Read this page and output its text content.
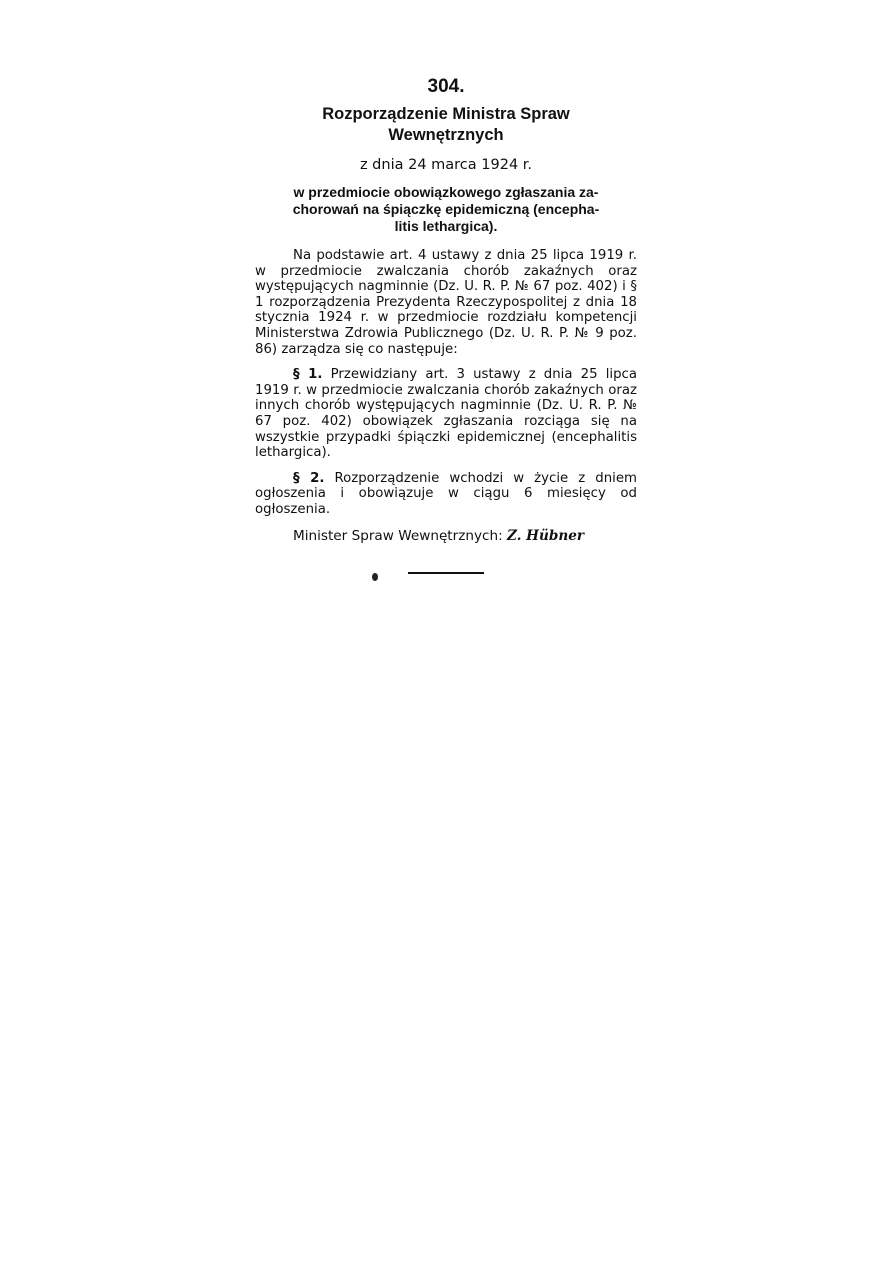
304.
Rozporządzenie Ministra Spraw
Wewnętrznych
z dnia 24 marca 1924 r.
w przedmiocie obowiązkowego zgłaszania za-
chorowań na śpiączkę epidemiczną (encepha-
litis lethargica).

Na podstawie art. 4 ustawy z dnia 25 lipca 1919 r. w przedmiocie zwalczania chorób zakaźnych oraz występujących nagminnie (Dz. U. R. P. № 67 poz. 402) i § 1 rozporządzenia Prezydenta Rzeczypospolitej z dnia 18 stycznia 1924 r. w przedmiocie rozdziału kompetencji Ministerstwa Zdrowia Publicznego (Dz. U. R. P. № 9 poz. 86) zarządza się co następuje:

§ 1. Przewidziany art. 3 ustawy z dnia 25 lipca 1919 r. w przedmiocie zwalczania chorób zakaźnych oraz innych chorób występujących nagminnie (Dz. U. R. P. № 67 poz. 402) obowiązek zgłaszania rozciąga się na wszystkie przypadki śpiączki epidemicznej (encephalitis lethargica).

§ 2. Rozporządzenie wchodzi w życie z dniem ogłoszenia i obowiązuje w ciągu 6 miesięcy od ogłoszenia.

Minister Spraw Wewnętrznych: Z. Hübner
